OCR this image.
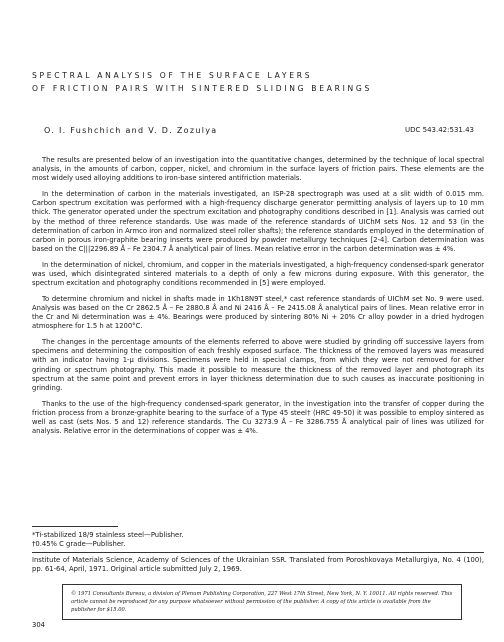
SPECTRAL ANALYSIS OF THE SURFACE LAYERS
OF FRICTION PAIRS WITH SINTERED SLIDING BEARINGS
O. I. Fushchich and V. D. Zozulya	UDC 543.42:531.43

The results are presented below of an investigation into the quantitative changes, determined by the technique of local spectral analysis, in the amounts of carbon, copper, nickel, and chromium in the surface layers of friction pairs. These elements are the most widely used alloying additions to iron-base sintered antifriction materials.

In the determination of carbon in the materials investigated, an ISP-28 spectrograph was used at a slit width of 0.015 mm. Carbon spectrum excitation was performed with a high-frequency discharge generator permitting analysis of layers up to 10 mm thick. The generator operated under the spectrum excitation and photography conditions described in [1]. Analysis was carried out by the method of three reference standards. Use was made of the reference standards of UIChM sets Nos. 12 and 53 (in the determination of carbon in Armco iron and normalized steel roller shafts); the reference standards employed in the determination of carbon in porous iron-graphite bearing inserts were produced by powder metallurgy techniques [2-4]. Carbon determination was based on the C|||2296.89 Å – Fe 2304.7 Å analytical pair of lines. Mean relative error in the carbon determination was ± 4%.

In the determination of nickel, chromium, and copper in the materials investigated, a high-frequency condensed-spark generator was used, which disintegrated sintered materials to a depth of only a few microns during exposure. With this generator, the spectrum excitation and photography conditions recommended in [5] were employed.

To determine chromium and nickel in shafts made in 1Kh18N9T steel,* cast reference standards of UIChM set No. 9 were used. Analysis was based on the Cr 2862.5 Å – Fe 2880.8 Å and Ni 2416 Å – Fe 2415.08 Å analytical pairs of lines. Mean relative error in the Cr and Ni determination was ± 4%. Bearings were produced by sintering 80% Ni + 20% Cr alloy powder in a dried hydrogen atmosphere for 1.5 h at 1200°C.

The changes in the percentage amounts of the elements referred to above were studied by grinding off successive layers from specimens and determining the composition of each freshly exposed surface. The thickness of the removed layers was measured with an indicator having 1-μ divisions. Specimens were held in special clamps, from which they were not removed for either grinding or spectrum photography. This made it possible to measure the thickness of the removed layer and photograph its spectrum at the same point and prevent errors in layer thickness determination due to such causes as inaccurate positioning in grinding.

Thanks to the use of the high-frequency condensed-spark generator, in the investigation into the transfer of copper during the friction process from a bronze-graphite bearing to the surface of a Type 45 steel† (HRC 49-50) it was possible to employ sintered as well as cast (sets Nos. 5 and 12) reference standards. The Cu 3273.9 Å – Fe 3286.755 Å analytical pair of lines was utilized for analysis. Relative error in the determinations of copper was ± 4%.

*Ti-stabilized 18/9 stainless steel—Publisher.

†0.45% C grade—Publisher.

Institute of Materials Science, Academy of Sciences of the Ukrainian SSR. Translated from Poroshkovaya Metallurgiya, No. 4 (100), pp. 61-64, April, 1971. Original article submitted July 2, 1969.
© 1971 Consultants Bureau, a division of Plenum Publishing Corporation, 227 West 17th Street, New York, N. Y. 10011. All rights reserved. This article cannot be reproduced for any purpose whatsoever without permission of the publisher. A copy of this article is available from the publisher for $15.00.
304
